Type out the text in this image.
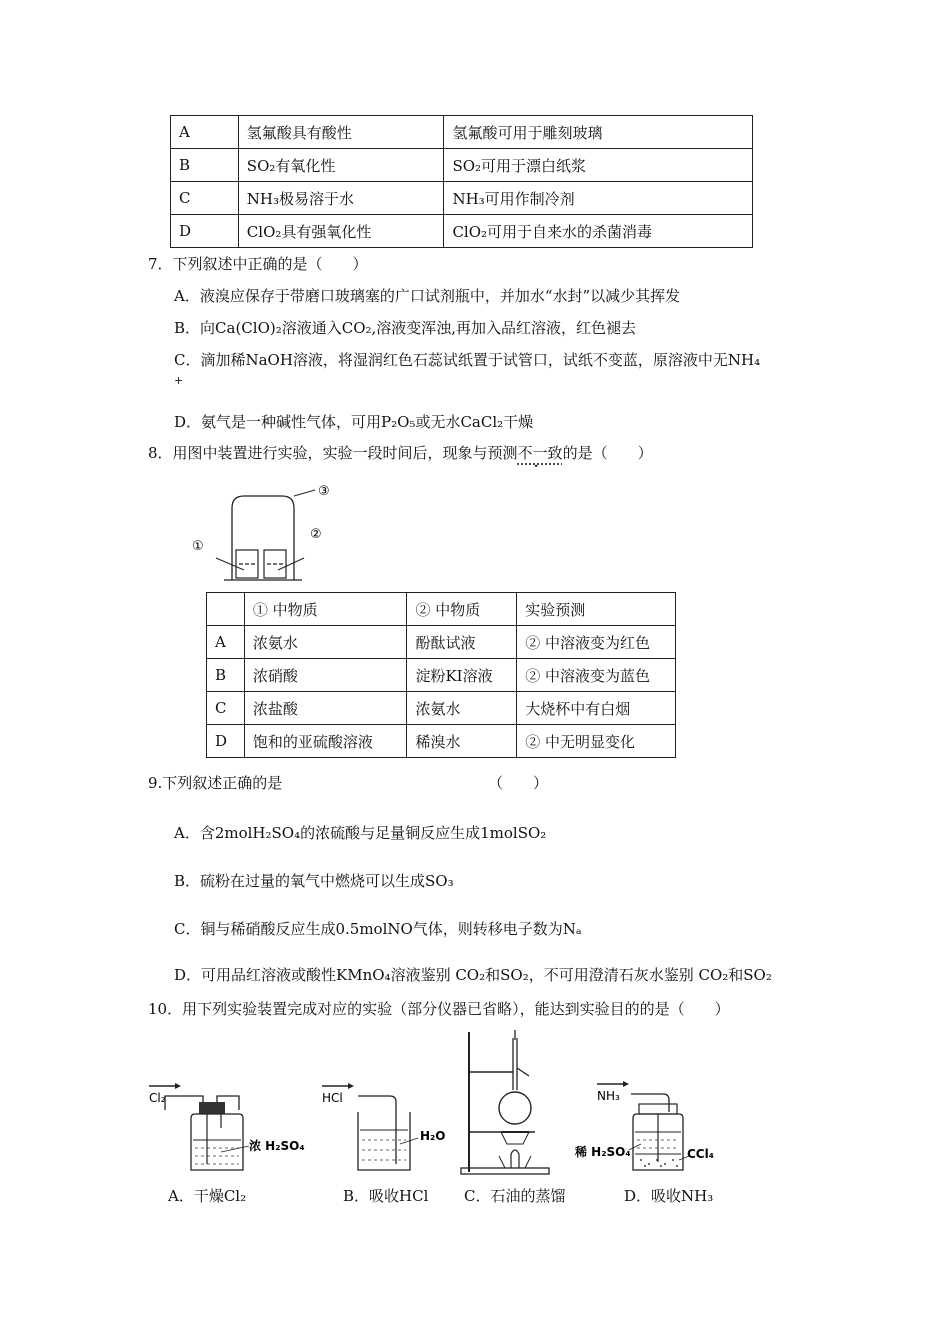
A	氢氟酸具有酸性	氢氟酸可用于雕刻玻璃
B	SO₂有氧化性	SO₂可用于漂白纸浆
C	NH₃极易溶于水	NH₃可用作制冷剂
D	ClO₂具有强氧化性	ClO₂可用于自来水的杀菌消毒
7．下列叙述中正确的是（　　）
A．液溴应保存于带磨口玻璃塞的广口试剂瓶中，并加水“水封”以减少其挥发
B．向Ca(ClO)₂溶液通入CO₂,溶液变浑浊,再加入品红溶液，红色褪去
C．滴加稀NaOH溶液，将湿润红色石蕊试纸置于试管口，试纸不变蓝，原溶液中无NH₄
+
D．氨气是一种碱性气体，可用P₂O₅或无水CaCl₂干燥
8．用图中装置进行实验，实验一段时间后，现象与预测不一致的是（　　）
③
①
②
	① 中物质	② 中物质	实验预测
A	浓氨水	酚酞试液	② 中溶液变为红色
B	浓硝酸	淀粉KI溶液	② 中溶液变为蓝色
C	浓盐酸	浓氨水	大烧杯中有白烟
D	饱和的亚硫酸溶液	稀溴水	② 中无明显变化
9.下列叙述正确的是	（　　）
A．含2molH₂SO₄的浓硫酸与足量铜反应生成1molSO₂
B．硫粉在过量的氧气中燃烧可以生成SO₃
C．铜与稀硝酸反应生成0.5molNO气体，则转移电子数为Nₐ
D．可用品红溶液或酸性KMnO₄溶液鉴别 CO₂和SO₂，不可用澄清石灰水鉴别 CO₂和SO₂
10．用下列实验装置完成对应的实验（部分仪器已省略），能达到实验目的的是（　　）
Cl₂
浓 H₂SO₄
A．干燥Cl₂
HCl
H₂O
B．吸收HCl C．石油的蒸馏
NH₃
稀 H₂SO₄	CCl₄
D．吸收NH₃
